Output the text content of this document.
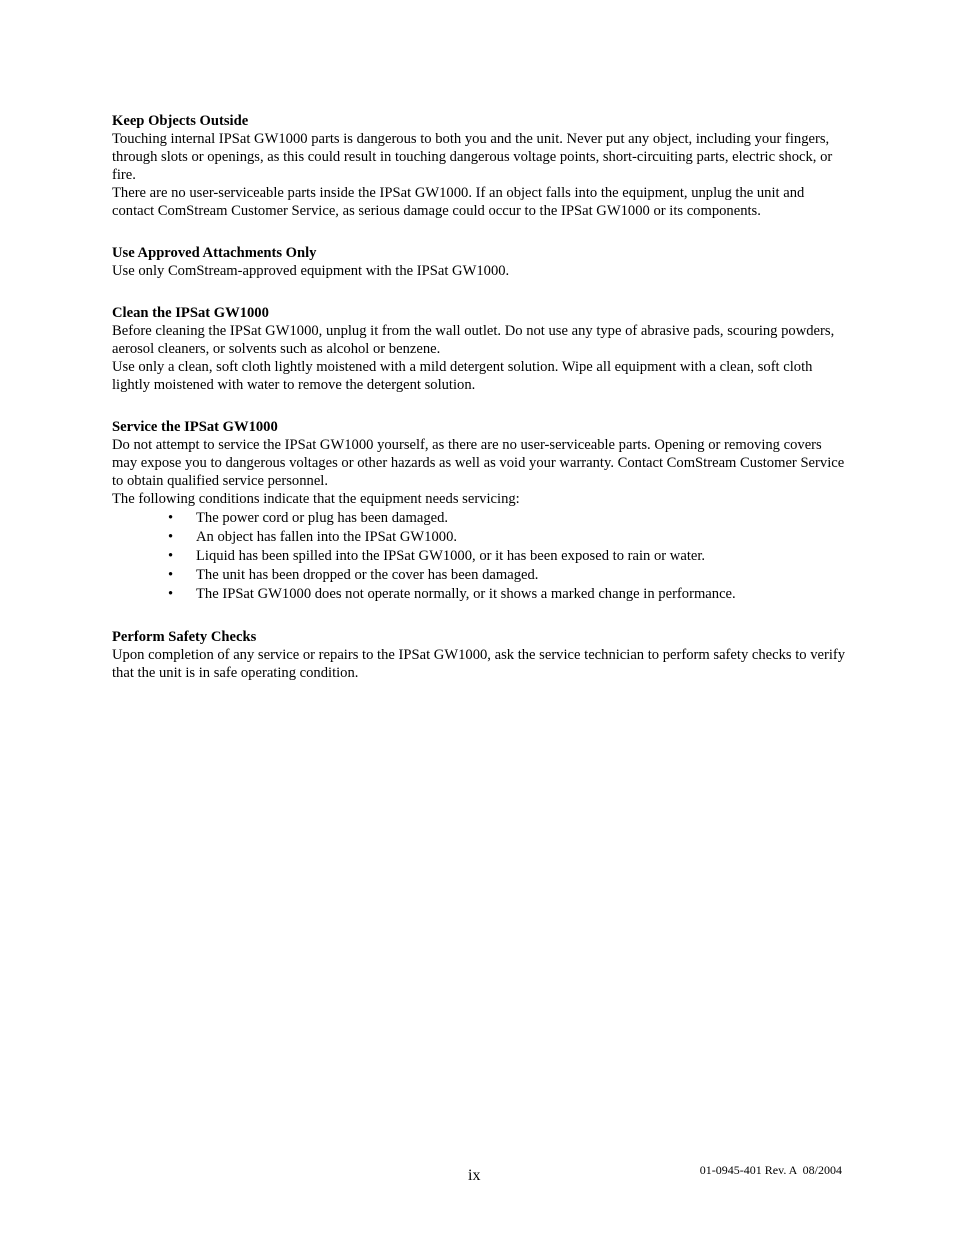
Keep Objects Outside

Touching internal IPSat GW1000 parts is dangerous to both you and the unit. Never put any object, including your fingers, through slots or openings, as this could result in touching dangerous voltage points, short-circuiting parts, electric shock, or fire.

There are no user-serviceable parts inside the IPSat GW1000. If an object falls into the equipment, unplug the unit and contact ComStream Customer Service, as serious damage could occur to the IPSat GW1000 or its components.

Use Approved Attachments Only

Use only ComStream-approved equipment with the IPSat GW1000.

Clean the IPSat GW1000

Before cleaning the IPSat GW1000, unplug it from the wall outlet. Do not use any type of abrasive pads, scouring powders, aerosol cleaners, or solvents such as alcohol or benzene.

Use only a clean, soft cloth lightly moistened with a mild detergent solution. Wipe all equipment with a clean, soft cloth lightly moistened with water to remove the detergent solution.

Service the IPSat GW1000

Do not attempt to service the IPSat GW1000 yourself, as there are no user-serviceable parts. Opening or removing covers may expose you to dangerous voltages or other hazards as well as void your warranty. Contact ComStream Customer Service to obtain qualified service personnel.

The following conditions indicate that the equipment needs servicing:

• The power cord or plug has been damaged.
• An object has fallen into the IPSat GW1000.
• Liquid has been spilled into the IPSat GW1000, or it has been exposed to rain or water.
• The unit has been dropped or the cover has been damaged.
• The IPSat GW1000 does not operate normally, or it shows a marked change in performance.

Perform Safety Checks

Upon completion of any service or repairs to the IPSat GW1000, ask the service technician to perform safety checks to verify that the unit is in safe operating condition.

ix	01-0945-401 Rev. A  08/2004
